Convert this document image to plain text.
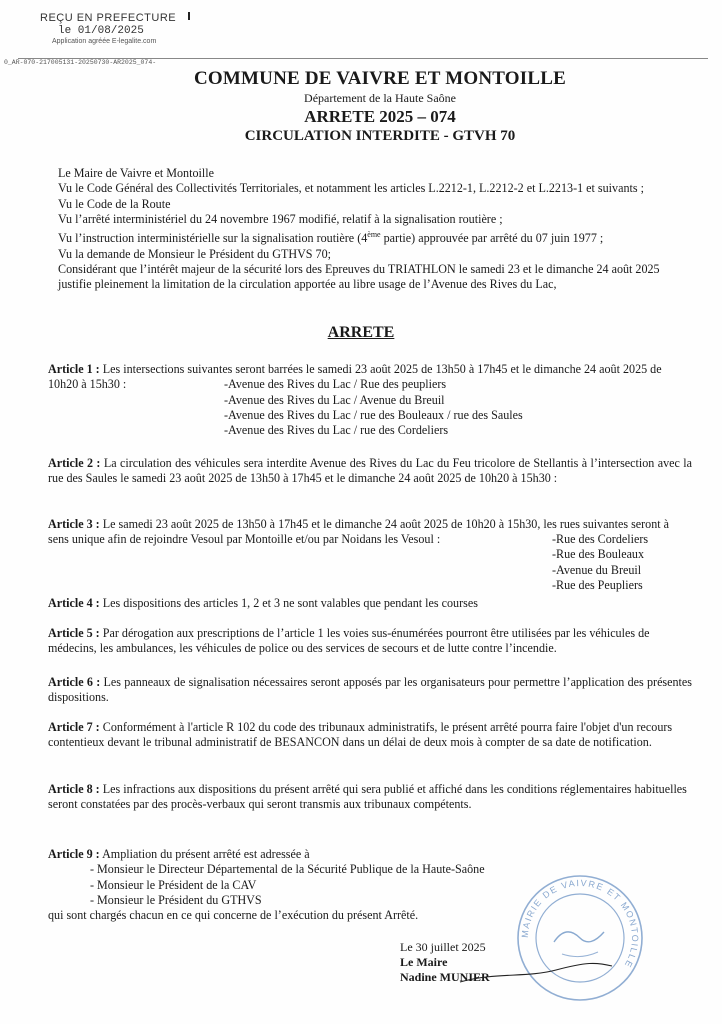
REÇU EN PREFECTURE
le 01/08/2025
Application agréée E-legalite.com
0_AR-070-217005131-20250730-AR2025_074-
COMMUNE DE VAIVRE ET MONTOILLE
Département de la Haute Saône
ARRETE 2025 – 074
CIRCULATION INTERDITE - GTVH 70

Le Maire de Vaivre et Montoille

Vu le Code Général des Collectivités Territoriales, et notamment les articles L.2212-1, L.2212-2 et L.2213-1 et suivants ;

Vu le Code de la Route

Vu l’arrêté interministériel du 24 novembre 1967 modifié, relatif à la signalisation routière ;

Vu l’instruction interministérielle sur la signalisation routière (4ème partie) approuvée par arrêté du 07 juin 1977 ;

Vu la demande de Monsieur le Président du GTHVS 70;

Considérant que l’intérêt majeur de la sécurité lors des Epreuves du TRIATHLON le samedi 23 et le dimanche 24 août 2025 justifie pleinement la limitation de la circulation apportée au libre usage de l’Avenue des Rives du Lac,

ARRETE

Article 1 : Les intersections suivantes seront barrées le samedi 23 août 2025 de 13h50 à 17h45 et le dimanche 24 août 2025 de 10h20 à 15h30 :	-Avenue des Rives du Lac / Rue des peupliers
-Avenue des Rives du Lac / Avenue du Breuil
-Avenue des Rives du Lac / rue des Bouleaux / rue des Saules
-Avenue des Rives du Lac / rue des Cordeliers

Article 2 : La circulation des véhicules sera interdite Avenue des Rives du Lac du Feu tricolore de Stellantis à l’intersection avec la rue des Saules le samedi 23 août 2025 de 13h50 à 17h45 et le dimanche 24 août 2025 de 10h20 à 15h30 :

Article 3 : Le samedi 23 août 2025 de 13h50 à 17h45 et le dimanche 24 août 2025 de 10h20 à 15h30, les rues suivantes seront à sens unique afin de rejoindre Vesoul par Montoille et/ou par Noidans les Vesoul :	-Rue des Cordeliers
-Rue des Bouleaux
-Avenue du Breuil
-Rue des Peupliers

Article 4 : Les dispositions des articles 1, 2 et 3 ne sont valables que pendant les courses

Article 5 : Par dérogation aux prescriptions de l’article 1 les voies sus-énumérées pourront être utilisées par les véhicules de médecins, les ambulances, les véhicules de police ou des services de secours et de lutte contre l’incendie.

Article 6 : Les panneaux de signalisation nécessaires seront apposés par les organisateurs pour permettre l’application des présentes dispositions.

Article 7 : Conformément à l'article R 102 du code des tribunaux administratifs, le présent arrêté pourra faire l'objet d'un recours contentieux devant le tribunal administratif de BESANCON dans un délai de deux mois à compter de sa date de notification.

Article 8 : Les infractions aux dispositions du présent arrêté qui sera publié et affiché dans les conditions réglementaires habituelles seront constatées par des procès-verbaux qui seront transmis aux tribunaux compétents.

Article 9 : Ampliation du présent arrêté est adressée à

- Monsieur le Directeur Départemental de la Sécurité Publique de la Haute-Saône
- Monsieur le Président de la CAV
- Monsieur le Président du GTHVS

qui sont chargés chacun en ce qui concerne de l’exécution du présent Arrêté.

MAIRIE DE VAIVRE ET MONTOILLE
Le 30 juillet 2025
Le Maire
Nadine MUNIER
